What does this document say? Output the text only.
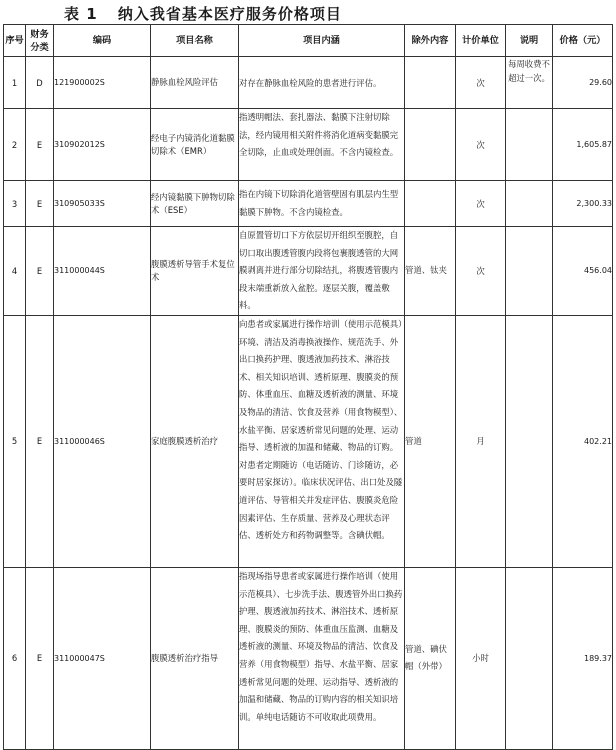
表 1 纳入我省基本医疗服务价格项目
序号	财务分类	编码	项目名称	项目内涵	除外内容	计价单位	说明	价格（元）
1	D	121900002S	静脉血栓风险评估	对存在静脉血栓风险的患者进行评估。		次	每周收费不超过一次。	29.60
2	E	310902012S	经电子内镜消化道黏膜切除术（EMR）	指透明帽法、套扎器法、黏膜下注射切除法，经内镜用相关附件将消化道病变黏膜完全切除，止血或处理创面。不含内镜检查。		次		1,605.87
3	E	310905033S	经内镜黏膜下肿物切除术（ESE）	指在内镜下切除消化道管壁固有肌层内生型黏膜下肿物。不含内镜检查。		次		2,300.33
4	E	311000044S	腹膜透析导管手术复位术	自原置管切口下方依层切开组织至腹腔，自切口取出腹透管腹内段将包裹腹透管的大网膜剥离并进行部分切除结扎，将腹透管腹内段末端重新放入盆腔。逐层关腹，覆盖敷料。	管道、钛夹	次		456.04
5	E	311000046S	家庭腹膜透析治疗	向患者或家属进行操作培训（使用示范模具）环境、清洁及消毒换液操作、规范洗手、外出口换药护理、腹透液加药技术、淋浴技术、相关知识培训、透析原理、腹膜炎的预防、体重血压、血糖及透析液的测量、环境及物品的清洁、饮食及营养（用食物模型）、水盐平衡、居家透析常见问题的处理、运动指导、透析液的加温和储藏、物品的订购。对患者定期随访（电话随访、门诊随访，必要时居家探访）。临床状况评估、出口处及隧道评估、导管相关并发症评估、腹膜炎危险因素评估、生存质量、营养及心理状态评估、透析处方和药物调整等。含碘伏帽。	管道	月		402.21
6	E	311000047S	腹膜透析治疗指导	指现场指导患者或家属进行操作培训（使用示范模具）、七步洗手法、腹透管外出口换药护理、腹透液加药技术、淋浴技术、透析原理、腹膜炎的预防、体重血压监测、血糖及透析液的测量、环境及物品的清洁、饮食及营养（用食物模型）指导、水盐平衡、居家透析常见问题的处理、运动指导、透析液的加温和储藏、物品的订购内容的相关知识培训。单纯电话随访不可收取此项费用。	管道、碘伏帽（外带）	小时		189.37
